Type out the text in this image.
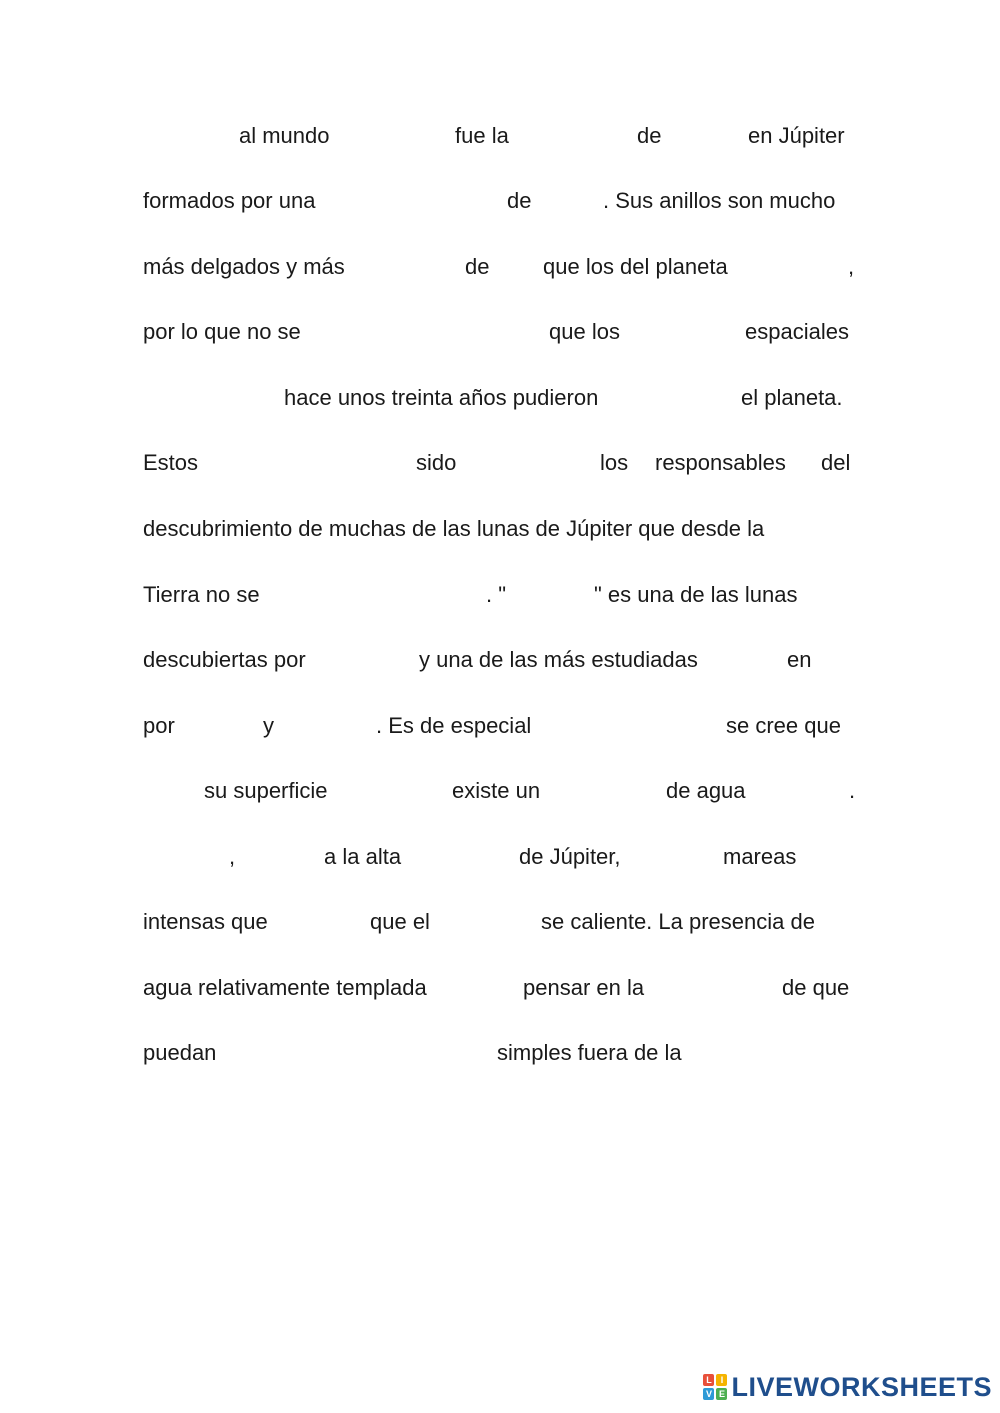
al mundo	fue la	de	en Júpiter
formados por una	de	. Sus anillos son mucho
más delgados y más	de que los del planeta	,
por lo que no se	que los	espaciales
hace unos treinta años pudieron	el planeta.
Estos	sido	los responsables del
descubrimiento de muchas de las lunas de Júpiter que desde la
Tierra no se	. "	" es una de las lunas
descubiertas por	y una de las más estudiadas	en
por	y	. Es de especial	se cree que
su superficie	existe un	de agua	.
,	a la alta	de Júpiter,	mareas
intensas que	que el	se caliente. La presencia de
agua relativamente templada	pensar en la	de que
puedan	simples fuera de la
L I
V E LIVEWORKSHEETS
